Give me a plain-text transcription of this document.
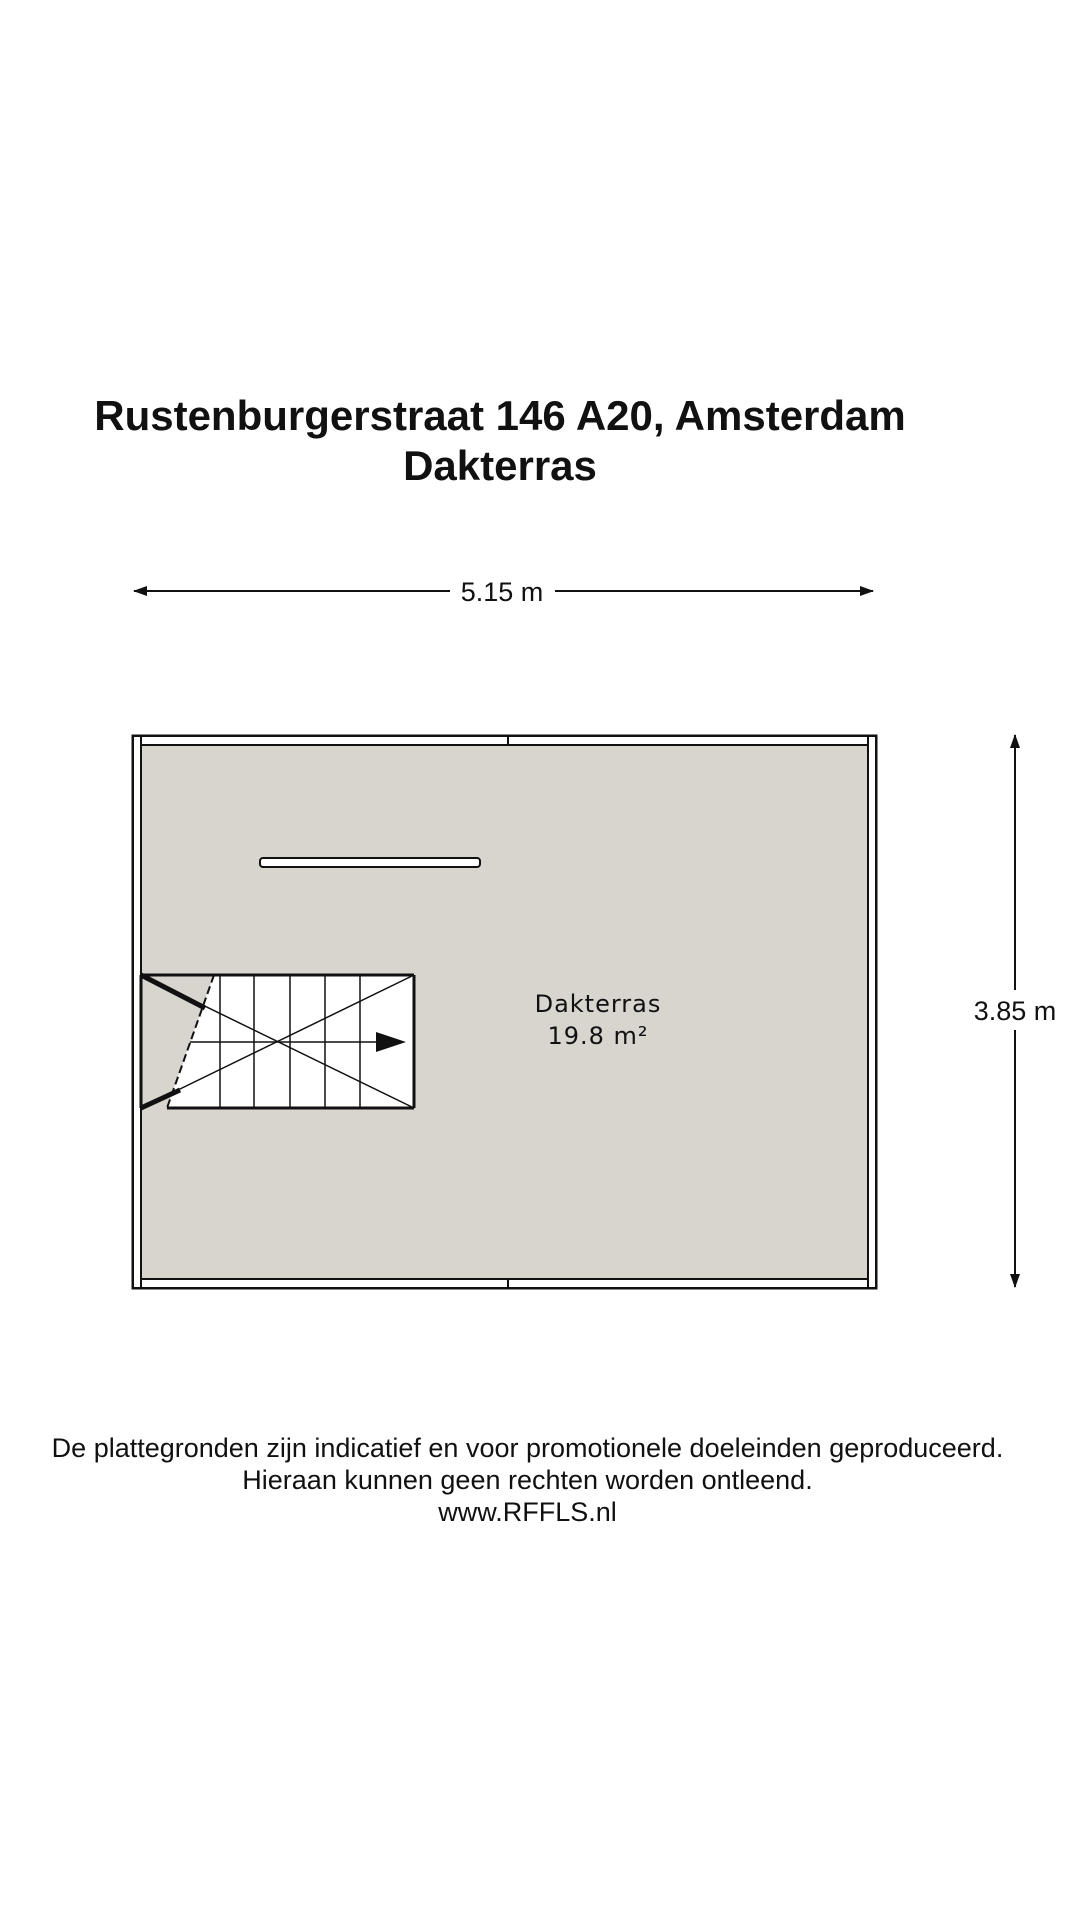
Rustenburgerstraat 146 A20, Amsterdam
Dakterras
5.15 m
3.85 m
Dakterras
19.8 m²
De plattegronden zijn indicatief en voor promotionele doeleinden geproduceerd.
Hieraan kunnen geen rechten worden ontleend.
www.RFFLS.nl
